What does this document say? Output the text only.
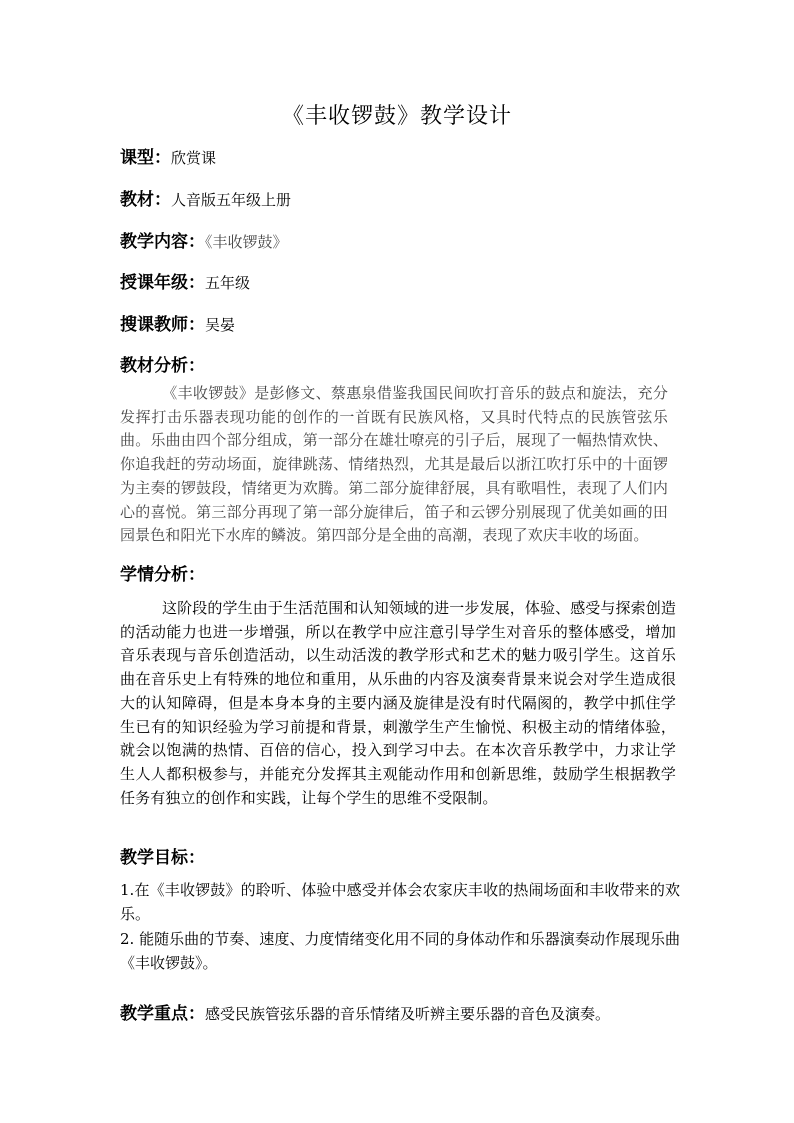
《丰收锣鼓》教学设计
课型：欣赏课
教材：人音版五年级上册
教学内容：《丰收锣鼓》
授课年级：五年级
搜课教师：吴晏
教材分析：
《丰收锣鼓》是彭修文、蔡惠泉借鉴我国民间吹打音乐的鼓点和旋法，充分发挥打击乐器表现功能的创作的一首既有民族风格，又具时代特点的民族管弦乐曲。乐曲由四个部分组成，第一部分在雄壮嘹亮的引子后，展现了一幅热情欢快、你追我赶的劳动场面，旋律跳荡、情绪热烈，尤其是最后以浙江吹打乐中的十面锣为主奏的锣鼓段，情绪更为欢腾。第二部分旋律舒展，具有歌唱性，表现了人们内心的喜悦。第三部分再现了第一部分旋律后，笛子和云锣分别展现了优美如画的田园景色和阳光下水库的鳞波。第四部分是全曲的高潮，表现了欢庆丰收的场面。
学情分析：
这阶段的学生由于生活范围和认知领域的进一步发展，体验、感受与探索创造的活动能力也进一步增强，所以在教学中应注意引导学生对音乐的整体感受，增加音乐表现与音乐创造活动，以生动活泼的教学形式和艺术的魅力吸引学生。这首乐曲在音乐史上有特殊的地位和重用，从乐曲的内容及演奏背景来说会对学生造成很大的认知障碍，但是本身本身的主要内涵及旋律是没有时代隔阂的，教学中抓住学生已有的知识经验为学习前提和背景，刺激学生产生愉悦、积极主动的情绪体验，就会以饱满的热情、百倍的信心，投入到学习中去。在本次音乐教学中，力求让学生人人都积极参与，并能充分发挥其主观能动作用和创新思维，鼓励学生根据教学任务有独立的创作和实践，让每个学生的思维不受限制。
教学目标：
1.在《丰收锣鼓》的聆听、体验中感受并体会农家庆丰收的热闹场面和丰收带来的欢乐。
2. 能随乐曲的节奏、速度、力度情绪变化用不同的身体动作和乐器演奏动作展现乐曲《丰收锣鼓》。
教学重点：感受民族管弦乐器的音乐情绪及听辨主要乐器的音色及演奏。
